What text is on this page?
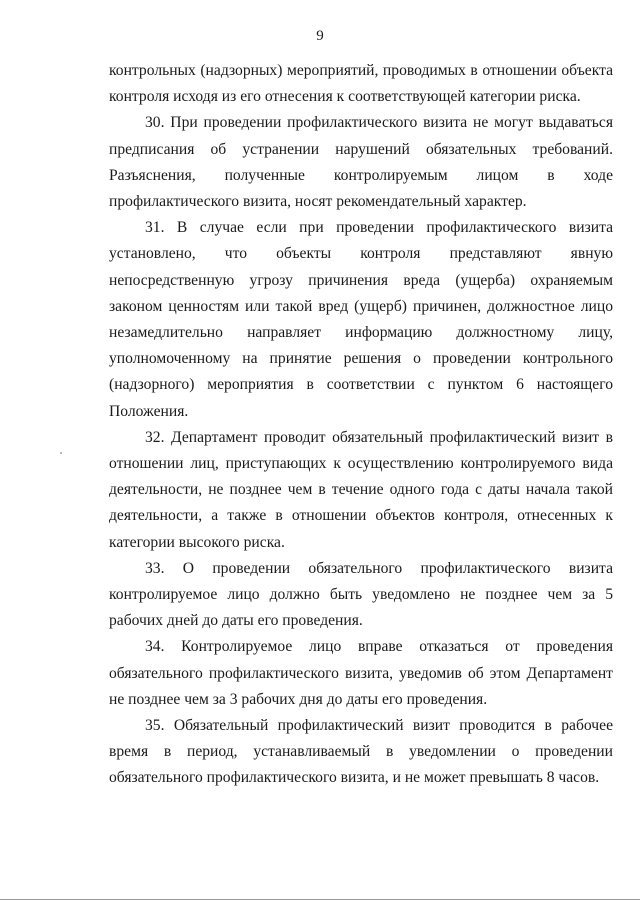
9

контрольных (надзорных) мероприятий, проводимых в отношении объекта контроля исходя из его отнесения к соответствующей категории риска.

30. При проведении профилактического визита не могут выдаваться предписания об устранении нарушений обязательных требований. Разъяснения, полученные контролируемым лицом в ходе профилактического визита, носят рекомендательный характер.

31. В случае если при проведении профилактического визита установлено, что объекты контроля представляют явную непосредственную угрозу причинения вреда (ущерба) охраняемым законом ценностям или такой вред (ущерб) причинен, должностное лицо незамедлительно направляет информацию должностному лицу, уполномоченному на принятие решения о проведении контрольного (надзорного) мероприятия в соответствии с пунктом 6 настоящего Положения.

32. Департамент проводит обязательный профилактический визит в отношении лиц, приступающих к осуществлению контролируемого вида деятельности, не позднее чем в течение одного года с даты начала такой деятельности, а также в отношении объектов контроля, отнесенных к категории высокого риска.

33. О проведении обязательного профилактического визита контролируемое лицо должно быть уведомлено не позднее чем за 5 рабочих дней до даты его проведения.

34. Контролируемое лицо вправе отказаться от проведения обязательного профилактического визита, уведомив об этом Департамент не позднее чем за 3 рабочих дня до даты его проведения.

35. Обязательный профилактический визит проводится в рабочее время в период, устанавливаемый в уведомлении о проведении обязательного профилактического визита, и не может превышать 8 часов.
